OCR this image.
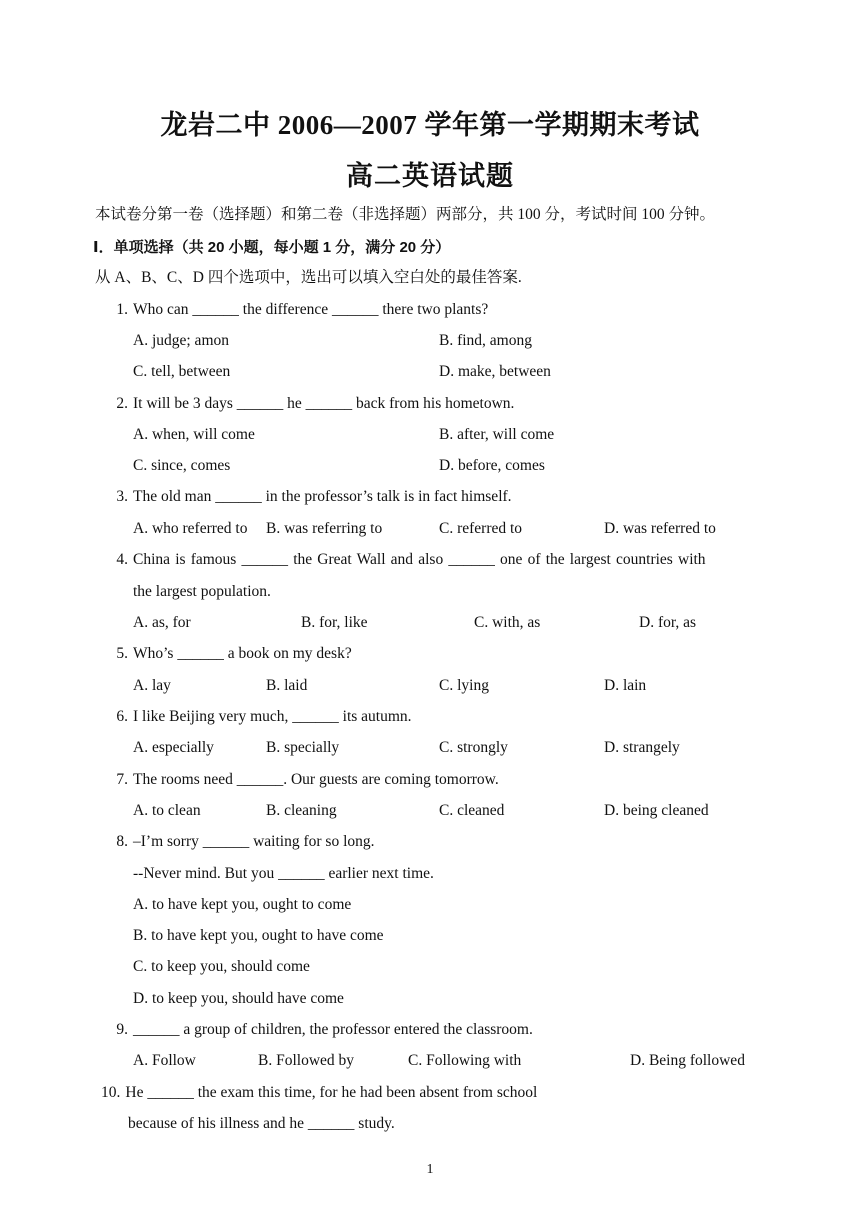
龙岩二中 2006—2007 学年第一学期期末考试
高二英语试题
本试卷分第一卷（选择题）和第二卷（非选择题）两部分，共 100 分，考试时间 100 分钟。
Ⅰ．单项选择（共 20 小题，每小题 1 分，满分 20 分）
从 A、B、C、D 四个选项中，选出可以填入空白处的最佳答案.
1. Who can ______ the difference ______ there two plants?
A. judge; amon	B. find, among
C. tell, between	D. make, between
2. It will be 3 days ______ he ______ back from his hometown.
A. when, will come	B. after, will come
C. since, comes	D. before, comes
3. The old man ______ in the professor’s talk is in fact himself.
A. who referred to B. was referring to	C. referred to	D. was referred to
4. China is famous ______ the Great Wall and also ______ one of the largest countries with
the largest population.
A. as, for	B. for, like	C. with, as	D. for, as
5. Who’s ______ a book on my desk?
A. lay	B. laid	C. lying	D. lain
6. I like Beijing very much, ______ its autumn.
A. especially	B. specially	C. strongly	D. strangely
7. The rooms need ______. Our guests are coming tomorrow.
A. to clean	B. cleaning	C. cleaned	D. being cleaned
8. –I’m sorry ______ waiting for so long.
--Never mind. But you ______ earlier next time.
A. to have kept you, ought to come
B. to have kept you, ought to have come
C. to keep you, should come
D. to keep you, should have come
9. ______ a group of children, the professor entered the classroom.
A. Follow	B. Followed by	C. Following with	D. Being followed
10. He ______ the exam this time, for he had been absent from school
because of his illness and he ______ study.
1
